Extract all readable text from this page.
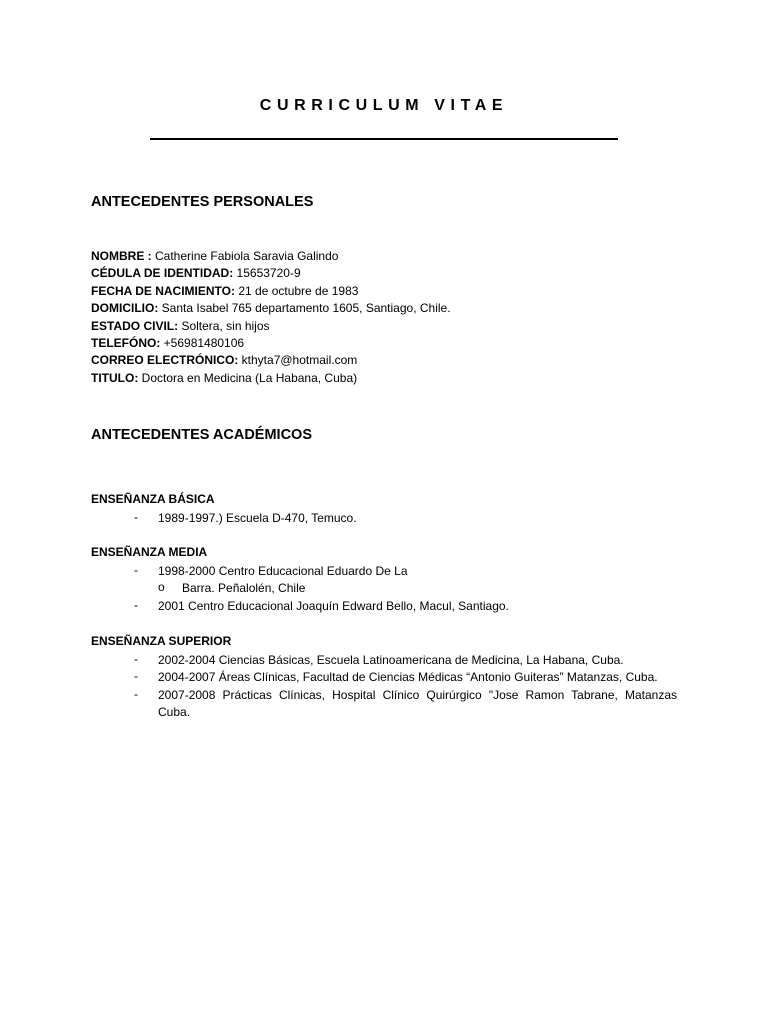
CURRICULUM VITAE
ANTECEDENTES PERSONALES
NOMBRE : Catherine Fabiola Saravia Galindo
CÉDULA DE IDENTIDAD: 15653720-9
FECHA DE NACIMIENTO: 21 de octubre de 1983
DOMICILIO: Santa Isabel 765 departamento 1605, Santiago, Chile.
ESTADO CIVIL: Soltera, sin hijos
TELEFÓNO: +56981480106
CORREO ELECTRÓNICO: kthyta7@hotmail.com
TITULO: Doctora en Medicina (La Habana, Cuba)
ANTECEDENTES ACADÉMICOS
ENSEÑANZA BÁSICA
- 1989-1997.) Escuela D-470, Temuco.
ENSEÑANZA MEDIA
- 1998-2000 Centro Educacional Eduardo De La
o Barra. Peñalolén, Chile
- 2001 Centro Educacional Joaquín Edward Bello, Macul, Santiago.
ENSEÑANZA SUPERIOR
- 2002-2004 Ciencias Básicas, Escuela Latinoamericana de Medicina, La Habana, Cuba.
- 2004-2007 Áreas Clínicas, Facultad de Ciencias Médicas “Antonio Guiteras” Matanzas, Cuba.
- 2007-2008 Prácticas Clínicas, Hospital Clínico Quirúrgico "Jose Ramon Tabrane, Matanzas
Cuba.
